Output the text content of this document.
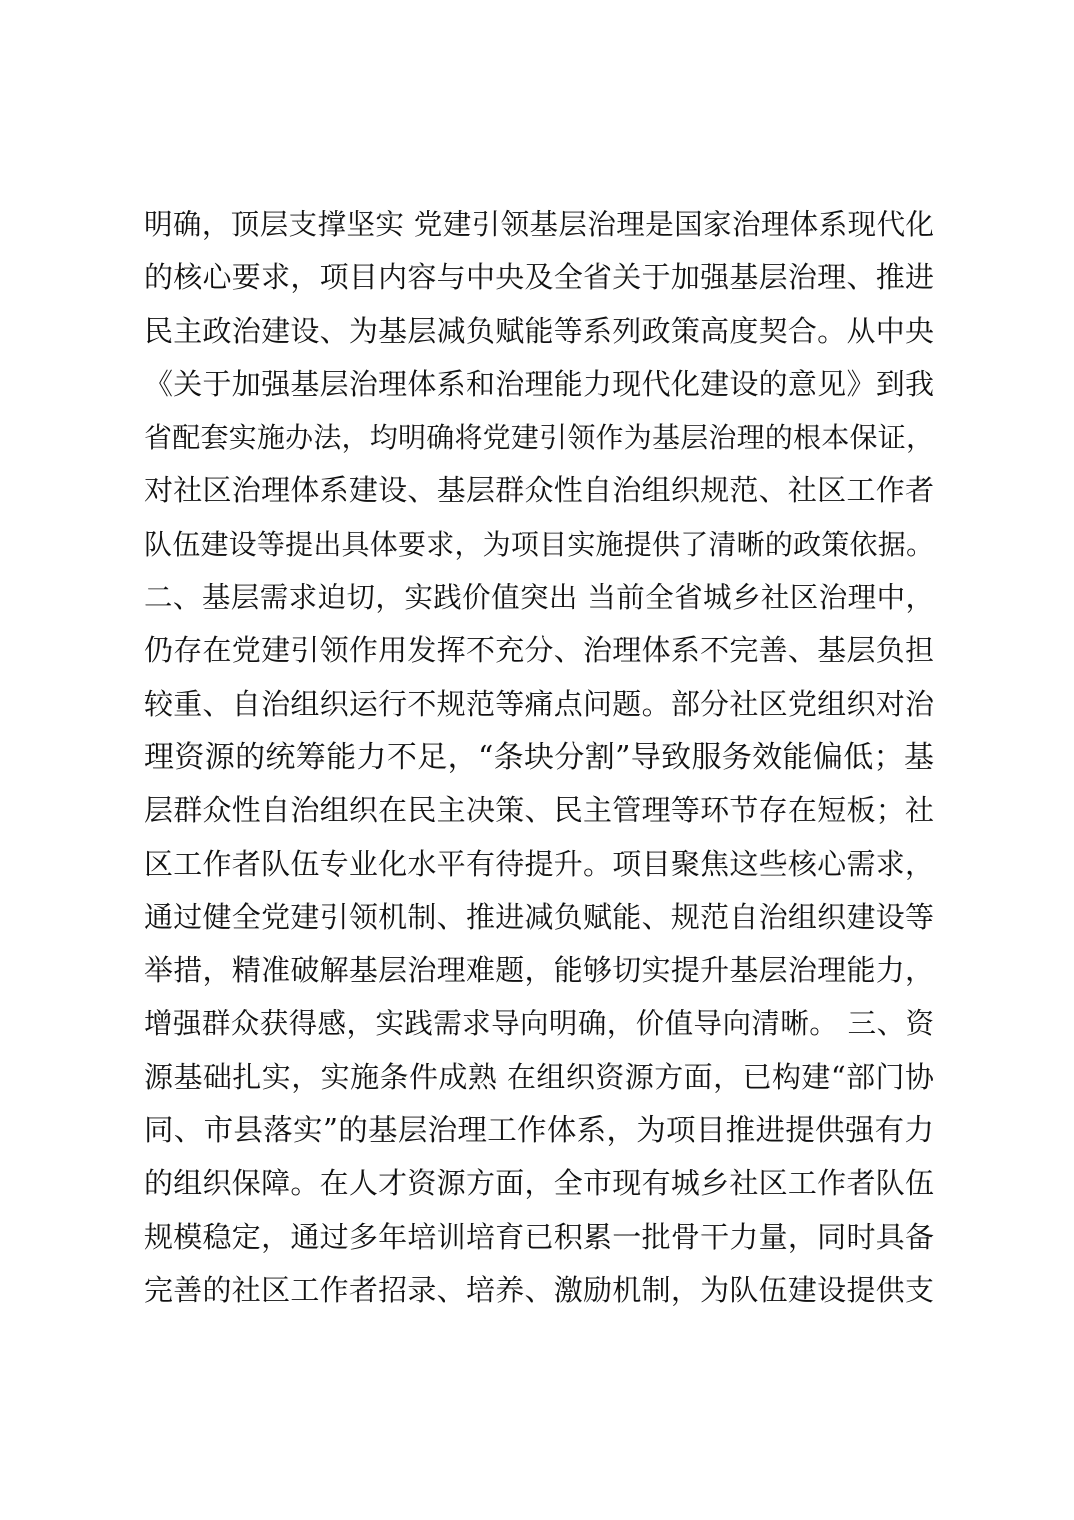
明确，顶层支撑坚实 党建引领基层治理是国家治理体系现代化
的核心要求，项目内容与中央及全省关于加强基层治理、推进
民主政治建设、为基层减负赋能等系列政策高度契合。从中央
《关于加强基层治理体系和治理能力现代化建设的意见》到我
省配套实施办法，均明确将党建引领作为基层治理的根本保证，
对社区治理体系建设、基层群众性自治组织规范、社区工作者
队伍建设等提出具体要求，为项目实施提供了清晰的政策依据。
二、基层需求迫切，实践价值突出 当前全省城乡社区治理中，
仍存在党建引领作用发挥不充分、治理体系不完善、基层负担
较重、自治组织运行不规范等痛点问题。部分社区党组织对治
理资源的统筹能力不足，“条块分割”导致服务效能偏低；基
层群众性自治组织在民主决策、民主管理等环节存在短板；社
区工作者队伍专业化水平有待提升。项目聚焦这些核心需求，
通过健全党建引领机制、推进减负赋能、规范自治组织建设等
举措，精准破解基层治理难题，能够切实提升基层治理能力，
增强群众获得感，实践需求导向明确，价值导向清晰。 三、资
源基础扎实，实施条件成熟 在组织资源方面，已构建“部门协
同、市县落实”的基层治理工作体系，为项目推进提供强有力
的组织保障。在人才资源方面，全市现有城乡社区工作者队伍
规模稳定，通过多年培训培育已积累一批骨干力量，同时具备
完善的社区工作者招录、培养、激励机制，为队伍建设提供支
